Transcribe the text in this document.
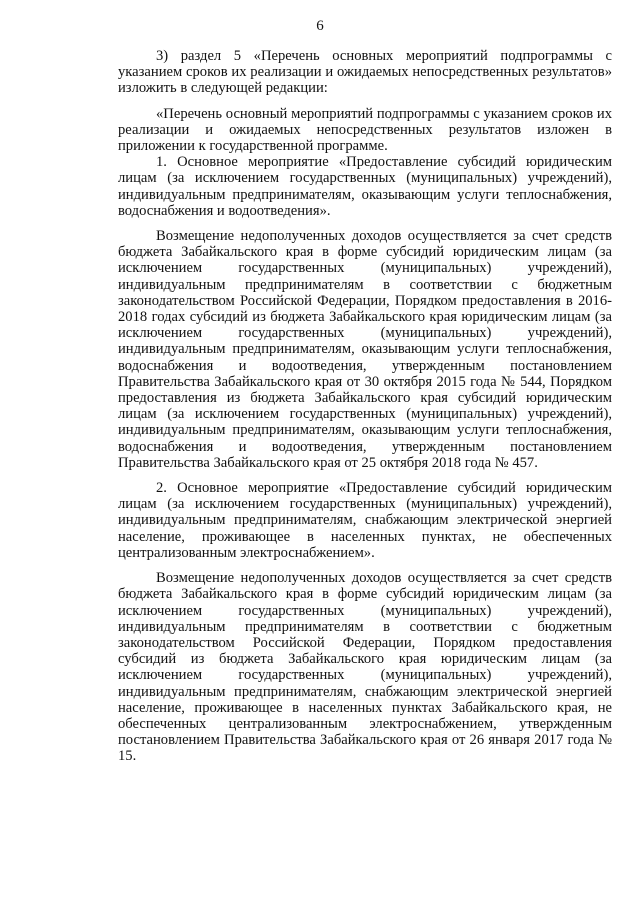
6

3) раздел 5 «Перечень основных мероприятий подпрограммы с указанием сроков их реализации и ожидаемых непосредственных результатов» изложить в следующей редакции:

«Перечень основный мероприятий подпрограммы с указанием сроков их реализации и ожидаемых непосредственных результатов изложен в приложении к государственной программе.

1. Основное мероприятие «Предоставление субсидий юридическим лицам (за исключением государственных (муниципальных) учреждений), индивидуальным предпринимателям, оказывающим услуги теплоснабжения, водоснабжения и водоотведения».

Возмещение недополученных доходов осуществляется за счет средств бюджета Забайкальского края в форме субсидий юридическим лицам (за исключением государственных (муниципальных) учреждений), индивидуальным предпринимателям в соответствии с бюджетным законодательством Российской Федерации, Порядком предоставления в 2016-2018 годах субсидий из бюджета Забайкальского края юридическим лицам (за исключением государственных (муниципальных) учреждений), индивидуальным предпринимателям, оказывающим услуги теплоснабжения, водоснабжения и водоотведения, утвержденным постановлением Правительства Забайкальского края от 30 октября 2015 года № 544, Порядком предоставления из бюджета Забайкальского края субсидий юридическим лицам (за исключением государственных (муниципальных) учреждений), индивидуальным предпринимателям, оказывающим услуги теплоснабжения, водоснабжения и водоотведения, утвержденным постановлением Правительства Забайкальского края от 25 октября 2018 года № 457.

2. Основное мероприятие «Предоставление субсидий юридическим лицам (за исключением государственных (муниципальных) учреждений), индивидуальным предпринимателям, снабжающим электрической энергией население, проживающее в населенных пунктах, не обеспеченных централизованным электроснабжением».

Возмещение недополученных доходов осуществляется за счет средств бюджета Забайкальского края в форме субсидий юридическим лицам (за исключением государственных (муниципальных) учреждений), индивидуальным предпринимателям в соответствии с бюджетным законодательством Российской Федерации, Порядком предоставления субсидий из бюджета Забайкальского края юридическим лицам (за исключением государственных (муниципальных) учреждений), индивидуальным предпринимателям, снабжающим электрической энергией население, проживающее в населенных пунктах Забайкальского края, не обеспеченных централизованным электроснабжением, утвержденным постановлением Правительства Забайкальского края от 26 января 2017 года № 15.
